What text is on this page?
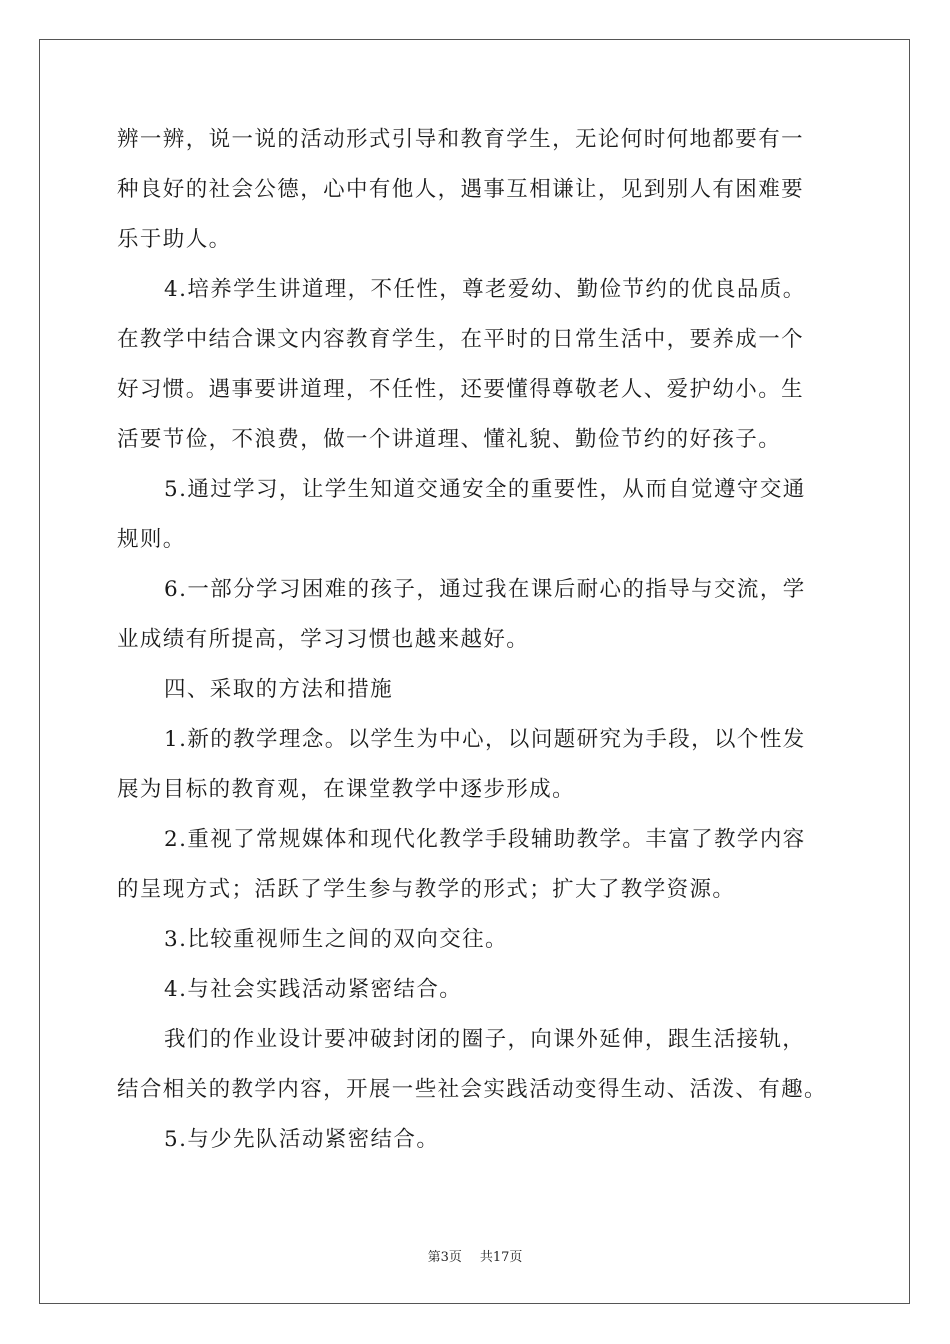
辨一辨，说一说的活动形式引导和教育学生，无论何时何地都要有一
种良好的社会公德，心中有他人，遇事互相谦让，见到别人有困难要
乐于助人。
4.培养学生讲道理，不任性，尊老爱幼、勤俭节约的优良品质。
在教学中结合课文内容教育学生，在平时的日常生活中，要养成一个
好习惯。遇事要讲道理，不任性，还要懂得尊敬老人、爱护幼小。生
活要节俭，不浪费，做一个讲道理、懂礼貌、勤俭节约的好孩子。
5.通过学习，让学生知道交通安全的重要性，从而自觉遵守交通
规则。
6.一部分学习困难的孩子，通过我在课后耐心的指导与交流，学
业成绩有所提高，学习习惯也越来越好。
四、采取的方法和措施
1.新的教学理念。以学生为中心，以问题研究为手段，以个性发
展为目标的教育观，在课堂教学中逐步形成。
2.重视了常规媒体和现代化教学手段辅助教学。丰富了教学内容
的呈现方式；活跃了学生参与教学的形式；扩大了教学资源。
3.比较重视师生之间的双向交往。
4.与社会实践活动紧密结合。
我们的作业设计要冲破封闭的圈子，向课外延伸，跟生活接轨，
结合相关的教学内容，开展一些社会实践活动变得生动、活泼、有趣。
5.与少先队活动紧密结合。
第3页 共17页
